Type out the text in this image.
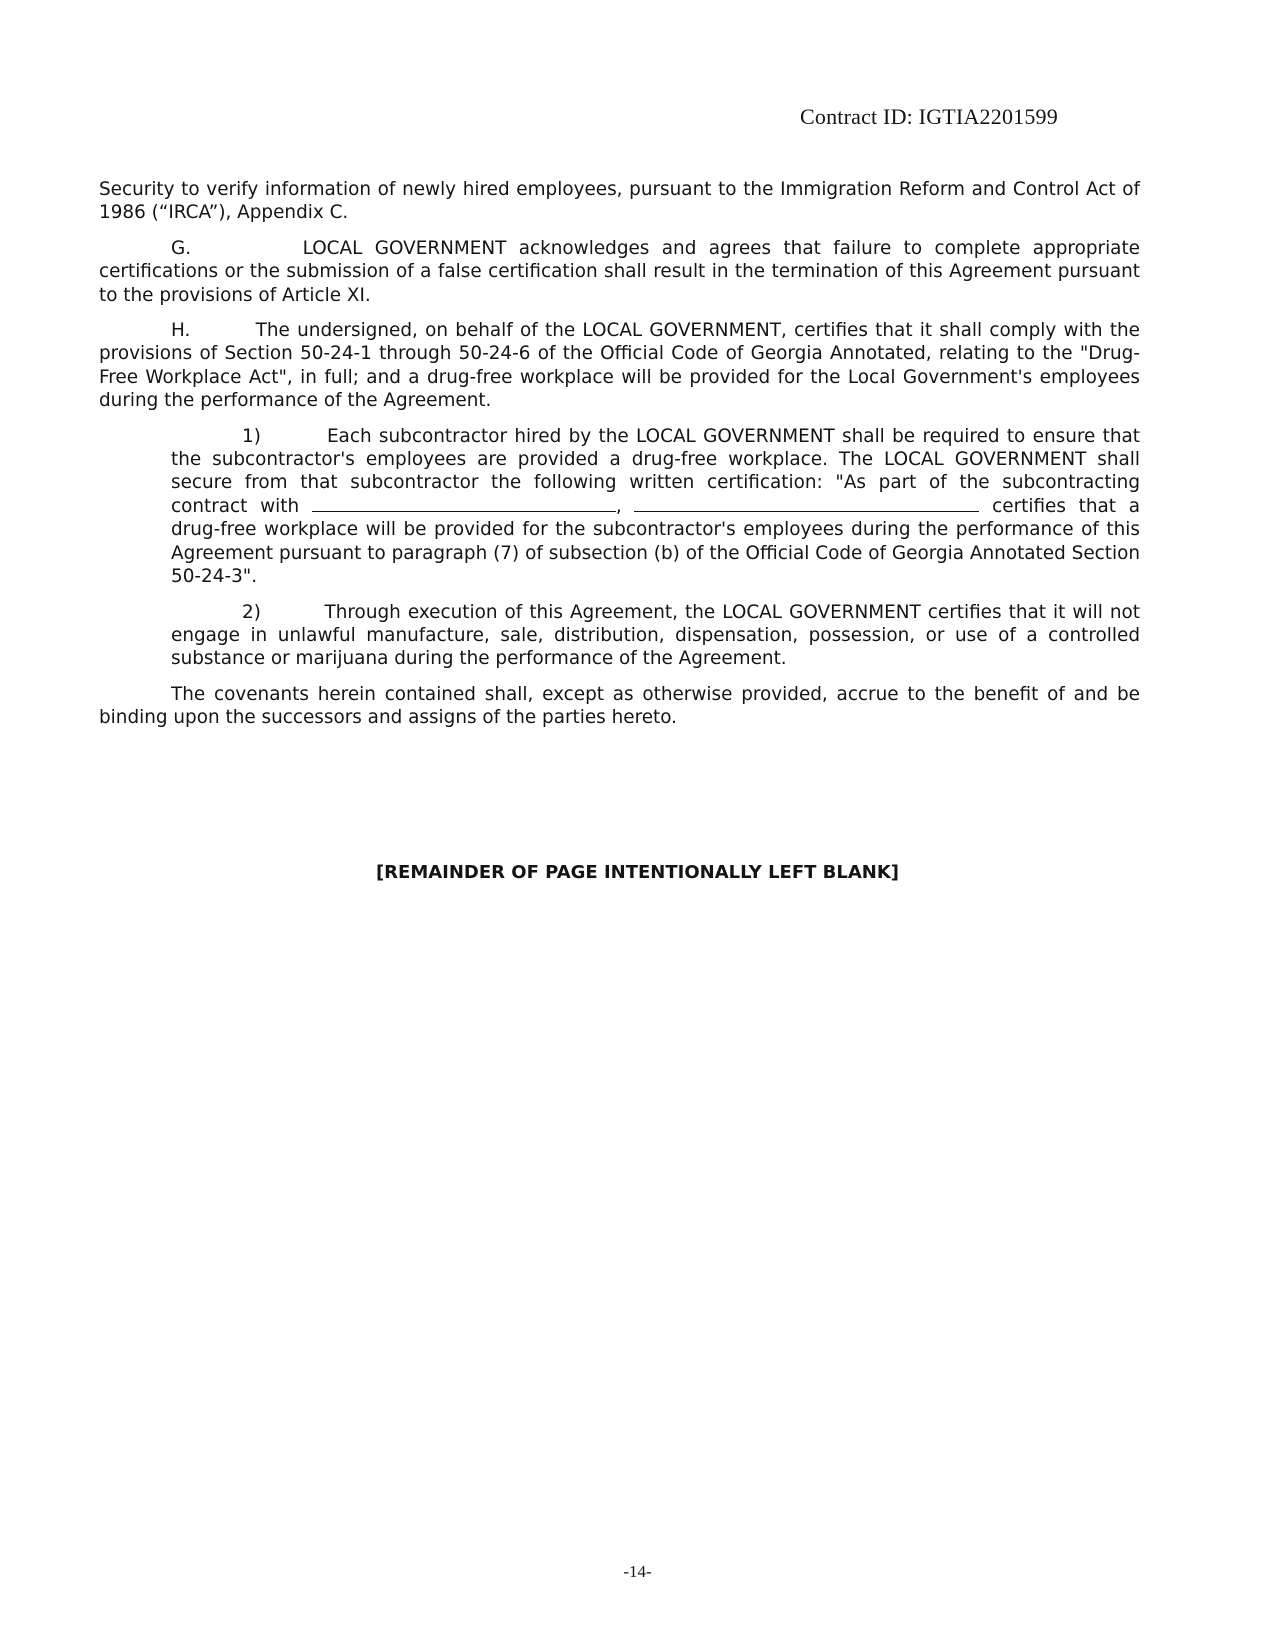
Contract ID: IGTIA2201599

Security to verify information of newly hired employees, pursuant to the Immigration Reform and Control Act of 1986 (“IRCA”), Appendix C.

G.	LOCAL GOVERNMENT acknowledges and agrees that failure to complete appropriate certifications or the submission of a false certification shall result in the termination of this Agreement pursuant to the provisions of Article XI.

H.	The undersigned, on behalf of the LOCAL GOVERNMENT, certifies that it shall comply with the provisions of Section 50-24-1 through 50-24-6 of the Official Code of Georgia Annotated, relating to the "Drug-Free Workplace Act", in full; and a drug-free workplace will be provided for the Local Government's employees during the performance of the Agreement.

1)	Each subcontractor hired by the LOCAL GOVERNMENT shall be required to ensure that the subcontractor's employees are provided a drug-free workplace. The LOCAL GOVERNMENT shall secure from that subcontractor the following written certification: "As part of the subcontracting contract with	,	certifies that a drug-free workplace will be provided for the subcontractor's employees during the performance of this Agreement pursuant to paragraph (7) of subsection (b) of the Official Code of Georgia Annotated Section 50-24-3".

2)	Through execution of this Agreement, the LOCAL GOVERNMENT certifies that it will not engage in unlawful manufacture, sale, distribution, dispensation, possession, or use of a controlled substance or marijuana during the performance of the Agreement.

The covenants herein contained shall, except as otherwise provided, accrue to the benefit of and be binding upon the successors and assigns of the parties hereto.

[REMAINDER OF PAGE INTENTIONALLY LEFT BLANK]
-14-
